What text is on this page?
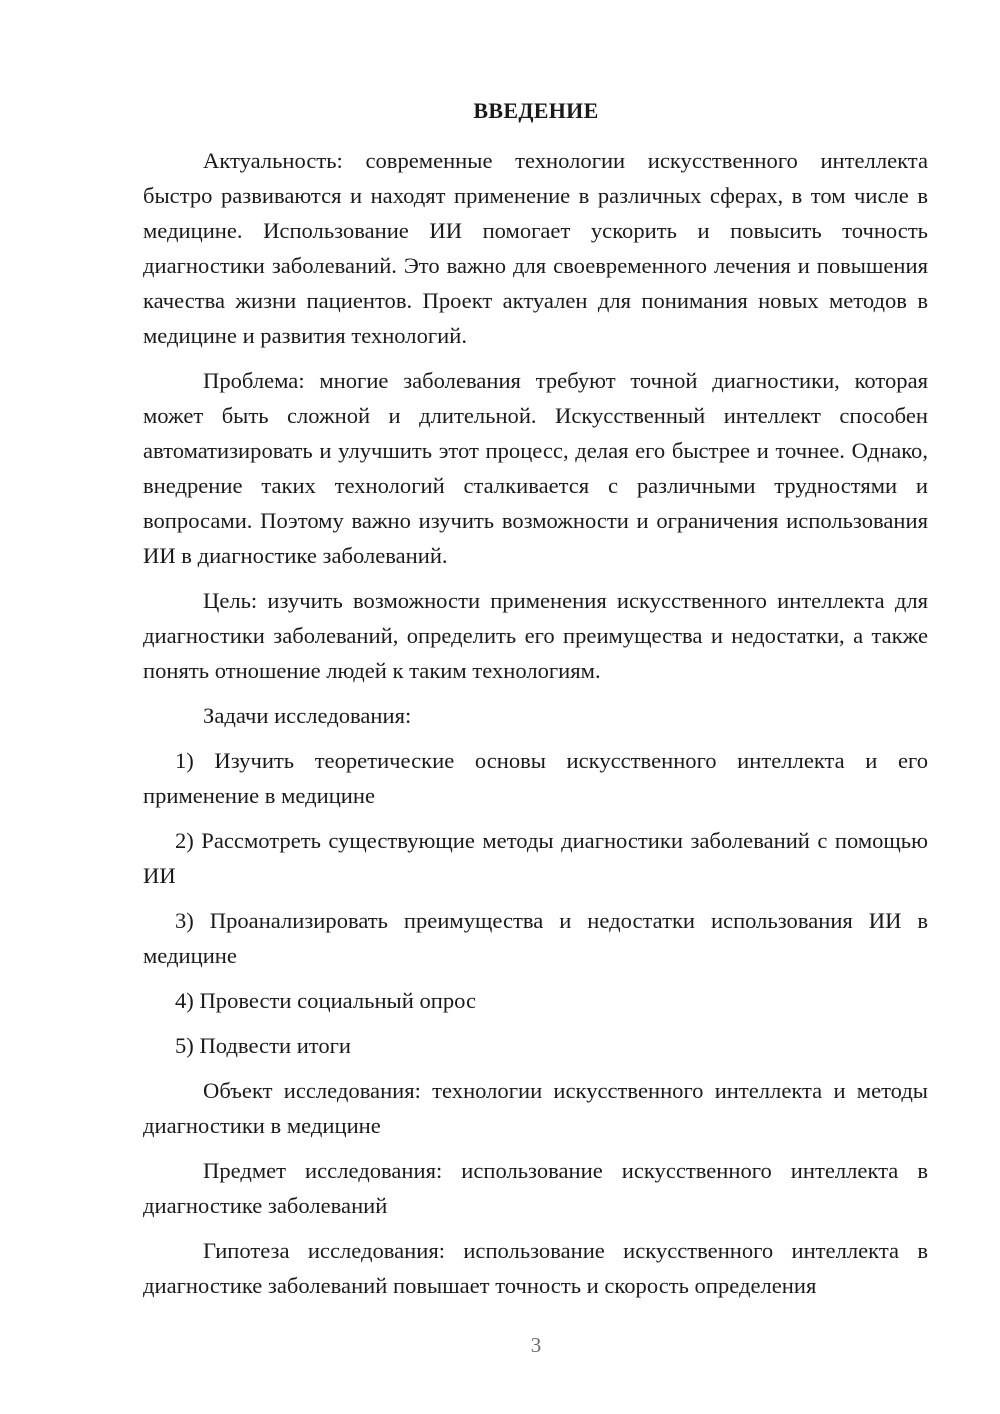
ВВЕДЕНИЕ

Актуальность: современные технологии искусственного интеллекта быстро развиваются и находят применение в различных сферах, в том числе в медицине. Использование ИИ помогает ускорить и повысить точность диагностики заболеваний. Это важно для своевременного лечения и повышения качества жизни пациентов. Проект актуален для понимания новых методов в медицине и развития технологий.

Проблема: многие заболевания требуют точной диагностики, которая может быть сложной и длительной. Искусственный интеллект способен автоматизировать и улучшить этот процесс, делая его быстрее и точнее. Однако, внедрение таких технологий сталкивается с различными трудностями и вопросами. Поэтому важно изучить возможности и ограничения использования ИИ в диагностике заболеваний.

Цель: изучить возможности применения искусственного интеллекта для диагностики заболеваний, определить его преимущества и недостатки, а также понять отношение людей к таким технологиям.

Задачи исследования:

1) Изучить теоретические основы искусственного интеллекта и его применение в медицине

2) Рассмотреть существующие методы диагностики заболеваний с помощью ИИ

3) Проанализировать преимущества и недостатки использования ИИ в медицине

4) Провести социальный опрос

5) Подвести итоги

Объект исследования: технологии искусственного интеллекта и методы диагностики в медицине

Предмет исследования: использование искусственного интеллекта в диагностике заболеваний

Гипотеза исследования: использование искусственного интеллекта в диагностике заболеваний повышает точность и скорость определения

3
